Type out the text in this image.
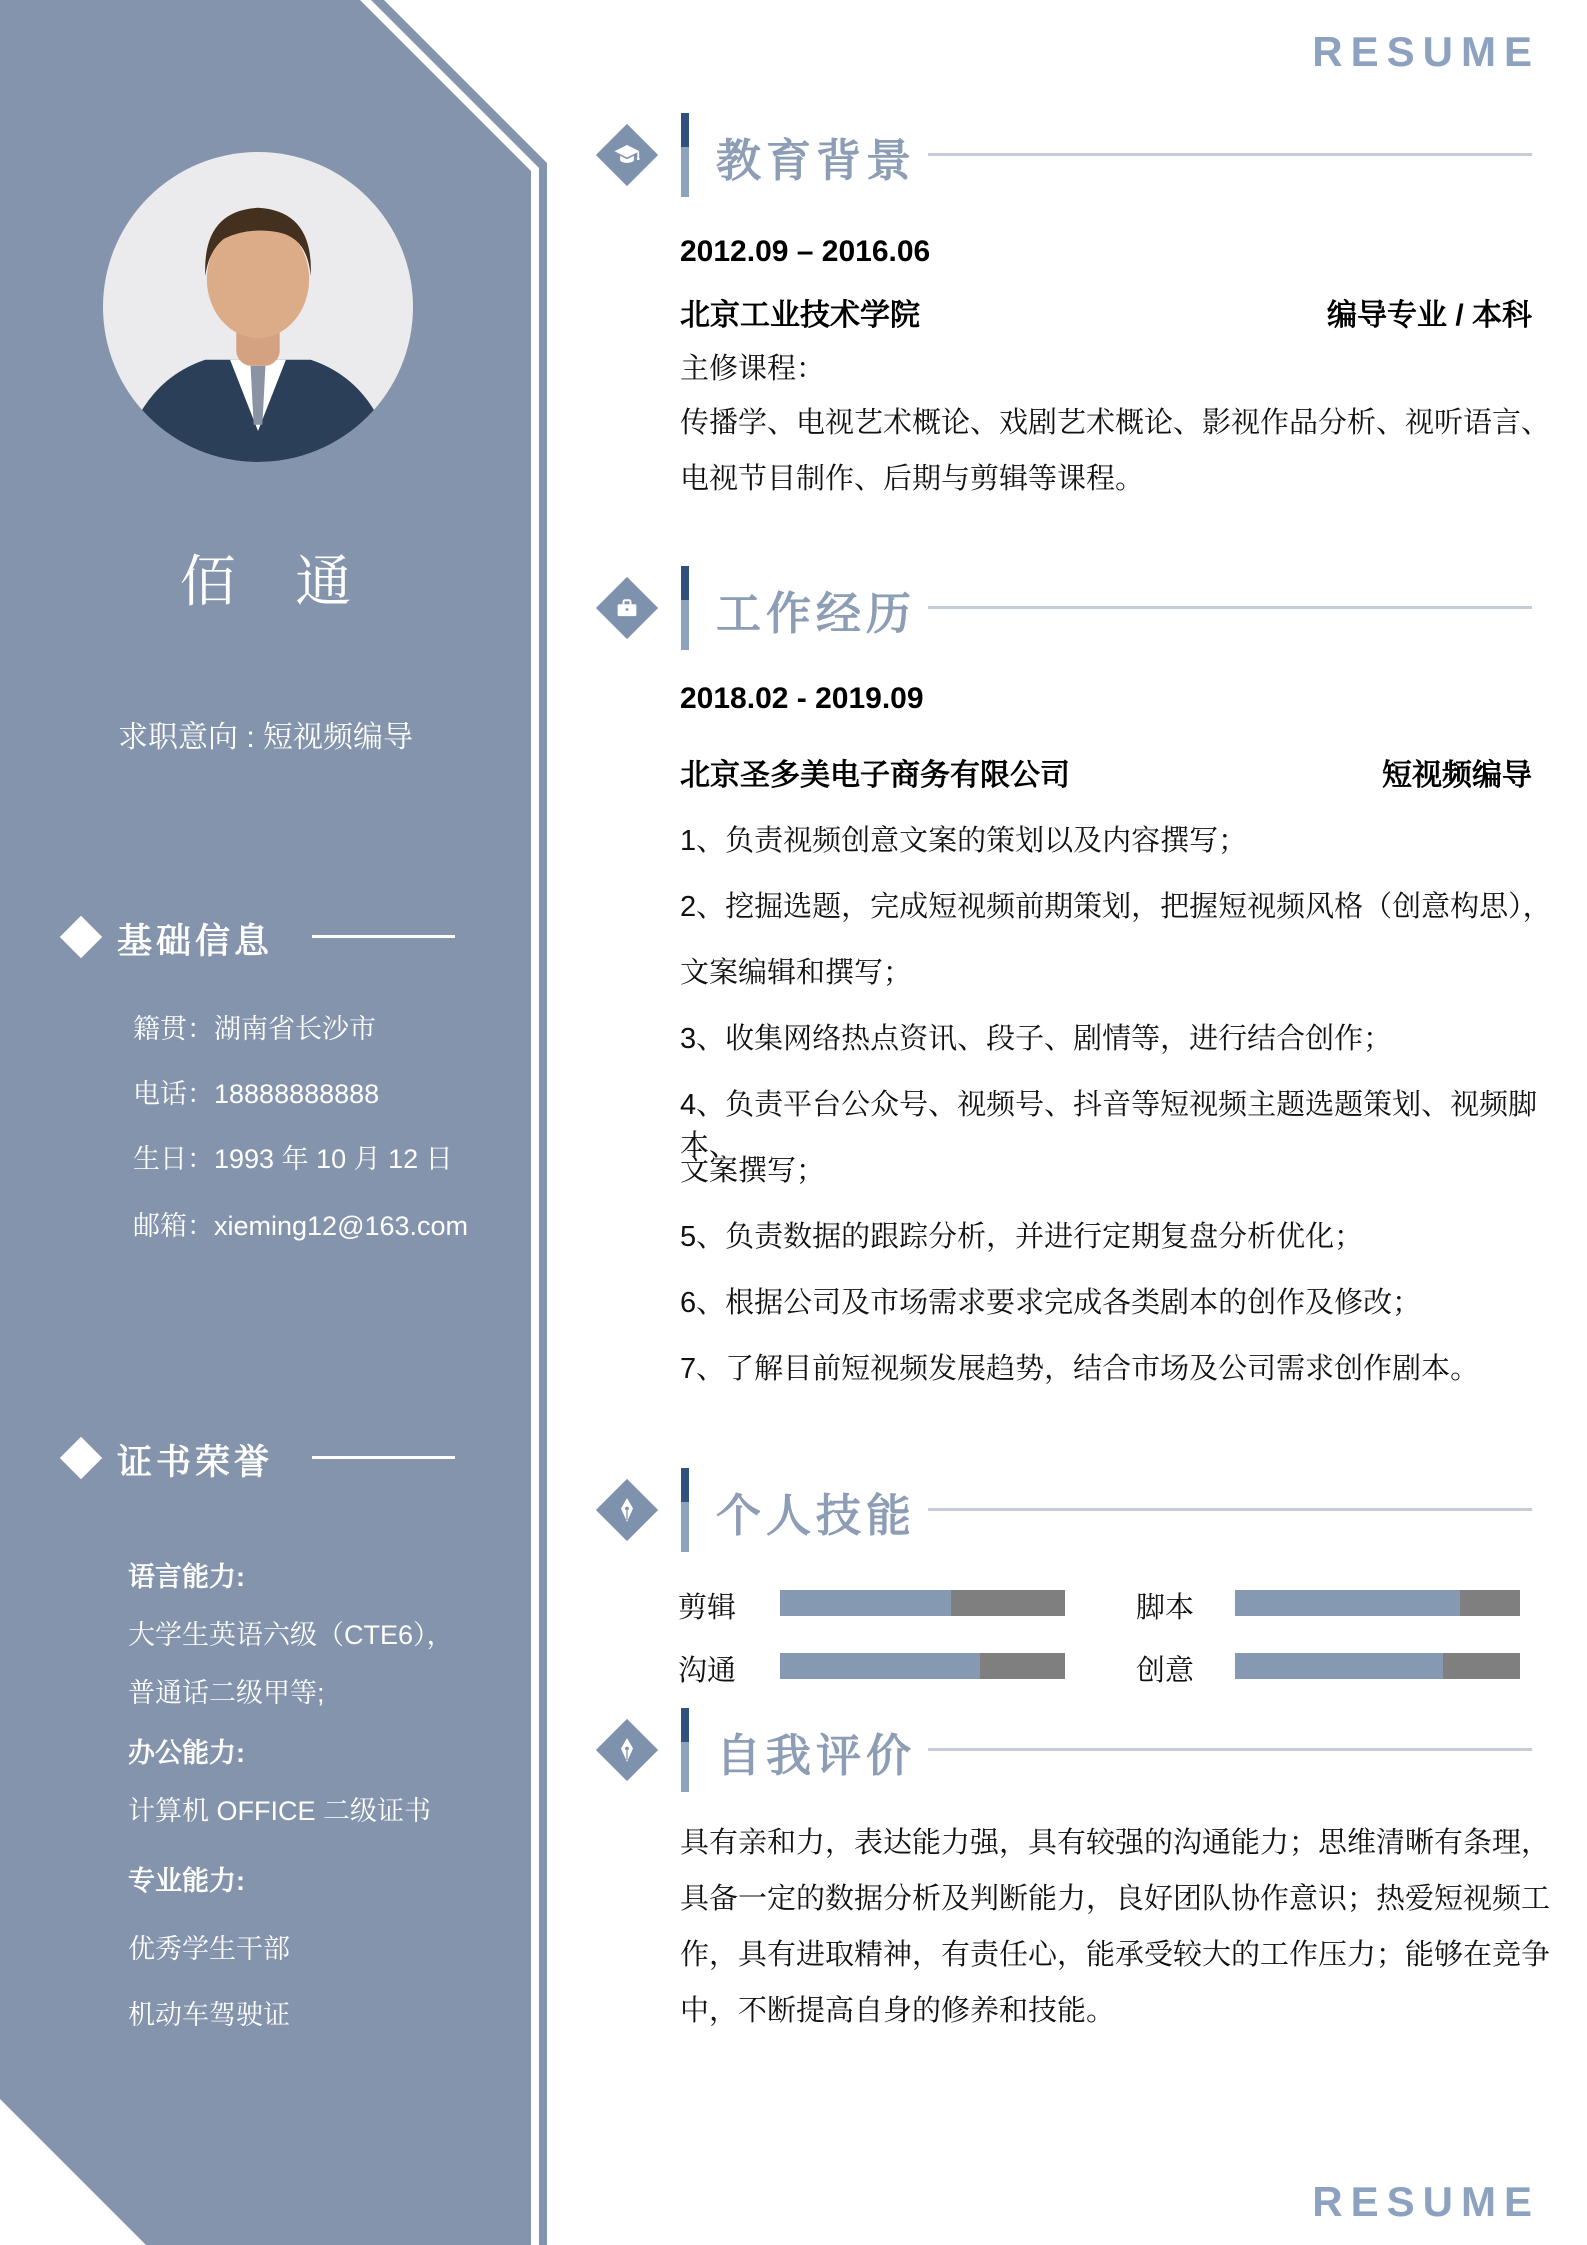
RESUME
佰 通
求职意向 : 短视频编导
基础信息
籍贯：湖南省长沙市
电话：18888888888
生日：1993 年 10 月 12 日
邮箱：xieming12@163.com
证书荣誉
语言能力:
大学生英语六级（CTE6），
普通话二级甲等;
办公能力:
计算机 OFFICE 二级证书
专业能力:
优秀学生干部
机动车驾驶证
教育背景
2012.09 – 2016.06
北京工业技术学院	编导专业 / 本科
主修课程：
传播学、电视艺术概论、戏剧艺术概论、影视作品分析、视听语言、
电视节目制作、后期与剪辑等课程。
工作经历
2018.02 - 2019.09
北京圣多美电子商务有限公司	短视频编导
1、负责视频创意文案的策划以及内容撰写；
2、挖掘选题，完成短视频前期策划，把握短视频风格（创意构思），
文案编辑和撰写；
3、收集网络热点资讯、段子、剧情等，进行结合创作；
4、负责平台公众号、视频号、抖音等短视频主题选题策划、视频脚本、
文案撰写；
5、负责数据的跟踪分析，并进行定期复盘分析优化；
6、根据公司及市场需求要求完成各类剧本的创作及修改；
7、了解目前短视频发展趋势，结合市场及公司需求创作剧本。
个人技能
剪辑	脚本
沟通	创意
自我评价
具有亲和力，表达能力强，具有较强的沟通能力；思维清晰有条理，
具备一定的数据分析及判断能力，良好团队协作意识；热爱短视频工
作，具有进取精神，有责任心，能承受较大的工作压力；能够在竞争
中，不断提高自身的修养和技能。
RESUME
